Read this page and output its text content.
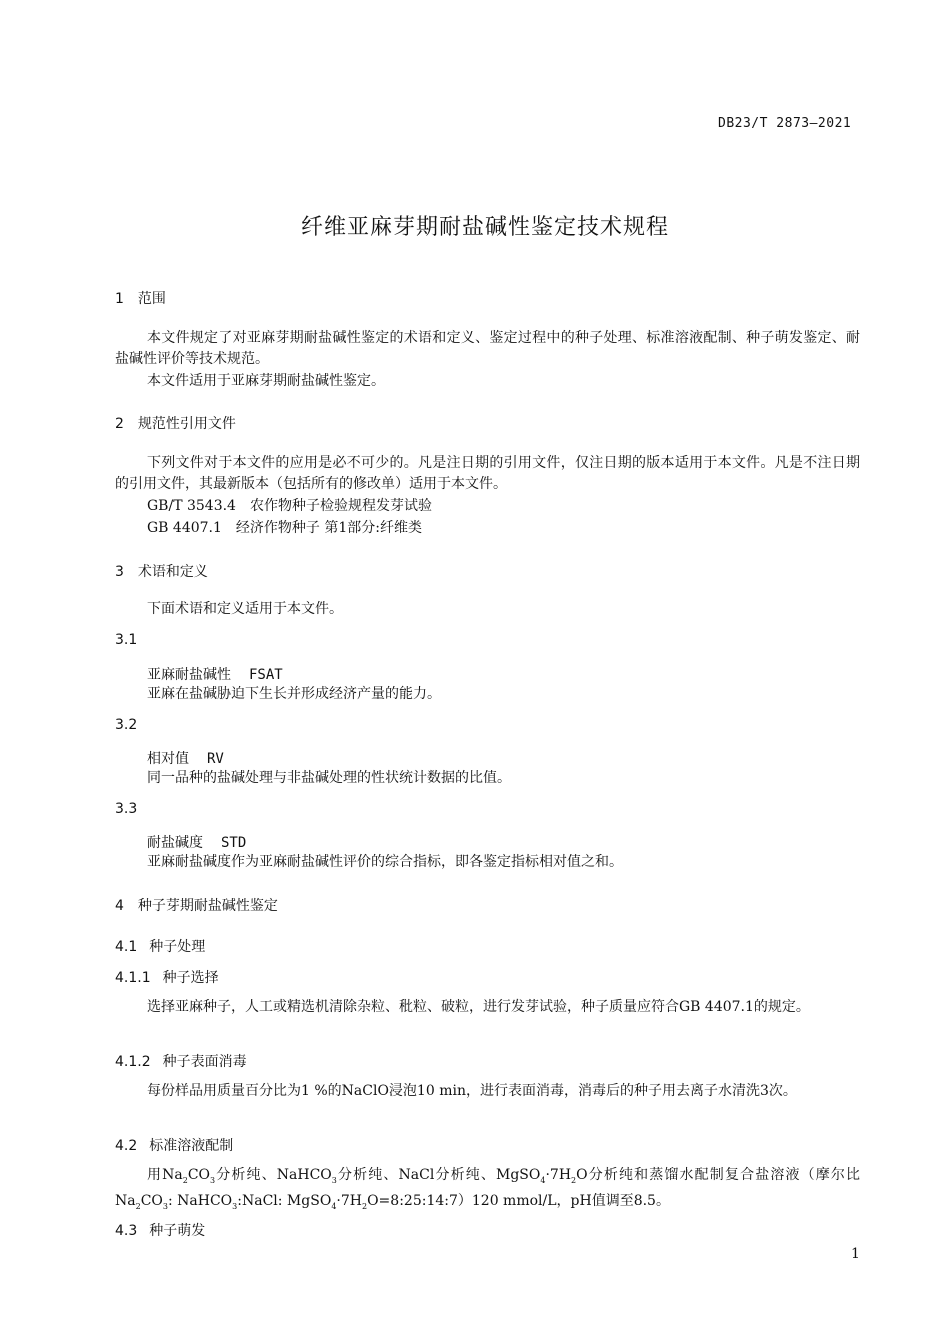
DB23/T 2873—2021
纤维亚麻芽期耐盐碱性鉴定技术规程
1 范围
本文件规定了对亚麻芽期耐盐碱性鉴定的术语和定义、鉴定过程中的种子处理、标准溶液配制、种子萌发鉴定、耐盐碱性评价等技术规范。
本文件适用于亚麻芽期耐盐碱性鉴定。
2 规范性引用文件
下列文件对于本文件的应用是必不可少的。凡是注日期的引用文件，仅注日期的版本适用于本文件。凡是不注日期的引用文件，其最新版本（包括所有的修改单）适用于本文件。
GB/T 3543.4　农作物种子检验规程发芽试验
GB 4407.1　经济作物种子 第1部分:纤维类
3 术语和定义
下面术语和定义适用于本文件。
3.1
亚麻耐盐碱性 FSAT
亚麻在盐碱胁迫下生长并形成经济产量的能力。
3.2
相对值 RV
同一品种的盐碱处理与非盐碱处理的性状统计数据的比值。
3.3
耐盐碱度 STD
亚麻耐盐碱度作为亚麻耐盐碱性评价的综合指标，即各鉴定指标相对值之和。
4 种子芽期耐盐碱性鉴定
4.1 种子处理
4.1.1 种子选择
选择亚麻种子，人工或精选机清除杂粒、秕粒、破粒，进行发芽试验，种子质量应符合GB 4407.1的规定。
4.1.2 种子表面消毒
每份样品用质量百分比为1 %的NaClO浸泡10 min，进行表面消毒，消毒后的种子用去离子水清洗3次。
4.2 标准溶液配制
用$Na_2CO_3$分析纯、NaHCO$_3$分析纯、NaCl分析纯、$MgSO_4\cdot 7H_2O$分析纯和蒸馏水配制复合盐溶液（摩尔比$Na_2CO_3$: NaHCO$_3$:NaCl: $MgSO_4\cdot 7H_2O=8:25:14:7)120$ mmol/L，pH值调至8.5。
4.3 种子萌发
1
